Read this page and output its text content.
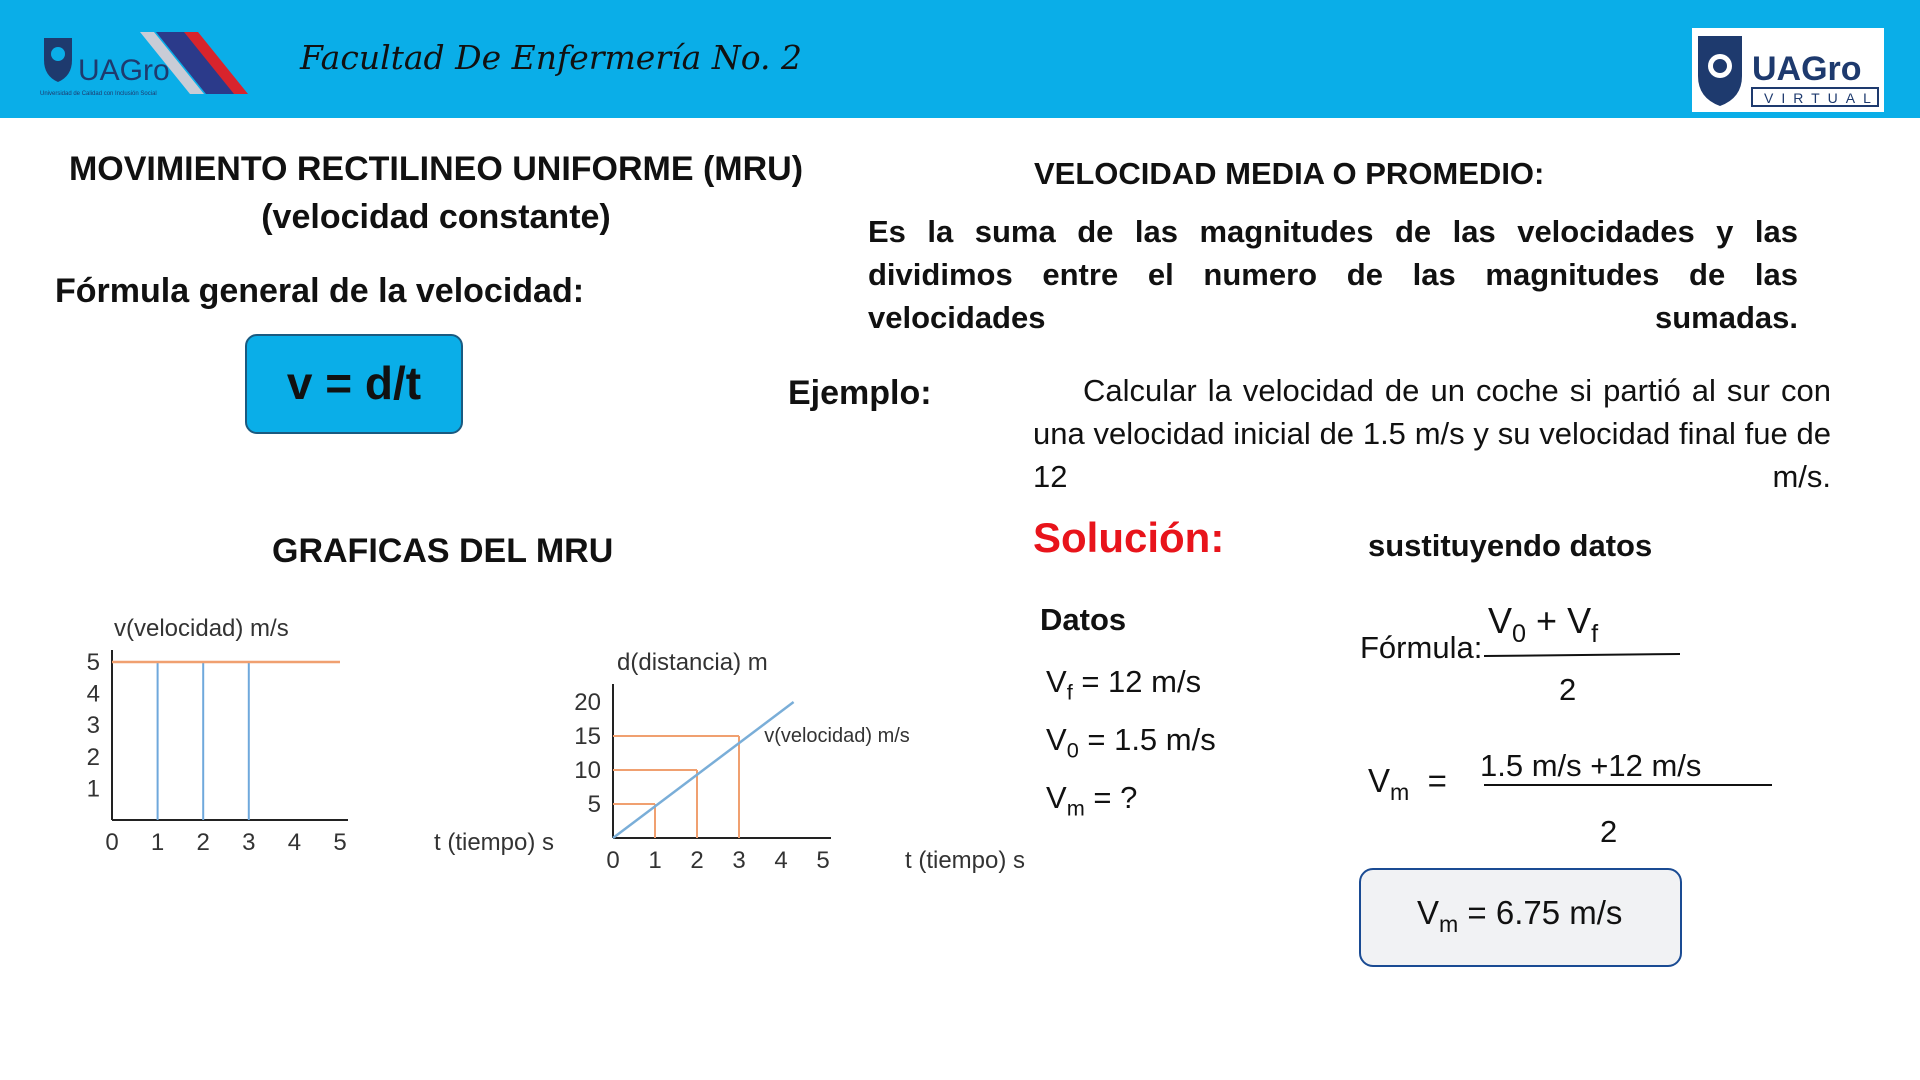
UAGro
Universidad de Calidad con Inclusión Social
Facultad De Enfermería No. 2	UAGro
VIRTUAL
MOVIMIENTO RECTILINEO UNIFORME (MRU)
(velocidad constante)
Fórmula general de la velocidad:
v = d/t
GRAFICAS DEL MRU
0 1 2 3 4 5
1
2
3
4
5
v(velocidad) m/s
t (tiempo) s
0 1 2 3 4 5
5
10
15
20
d(distancia) m
t (tiempo) s
v(velocidad) m/s
VELOCIDAD MEDIA O PROMEDIO:
Es la suma de las magnitudes de las velocidades y las dividimos entre el numero de las magnitudes de las velocidades sumadas.
Ejemplo:	Calcular la velocidad de un coche si partió al sur con una velocidad inicial de 1.5 m/s y su velocidad final fue de 12 m/s.
Solución:	sustituyendo datos
Datos
$V_f = 12$ m/s
$V_0 = 1.5$ m/s
$V_m$ = ?
Fórmula:
$V_0 + V_f$
2
$V_m = 1.5$ m/s +12 m/s
2
$V_m = 6.75$ m/s
